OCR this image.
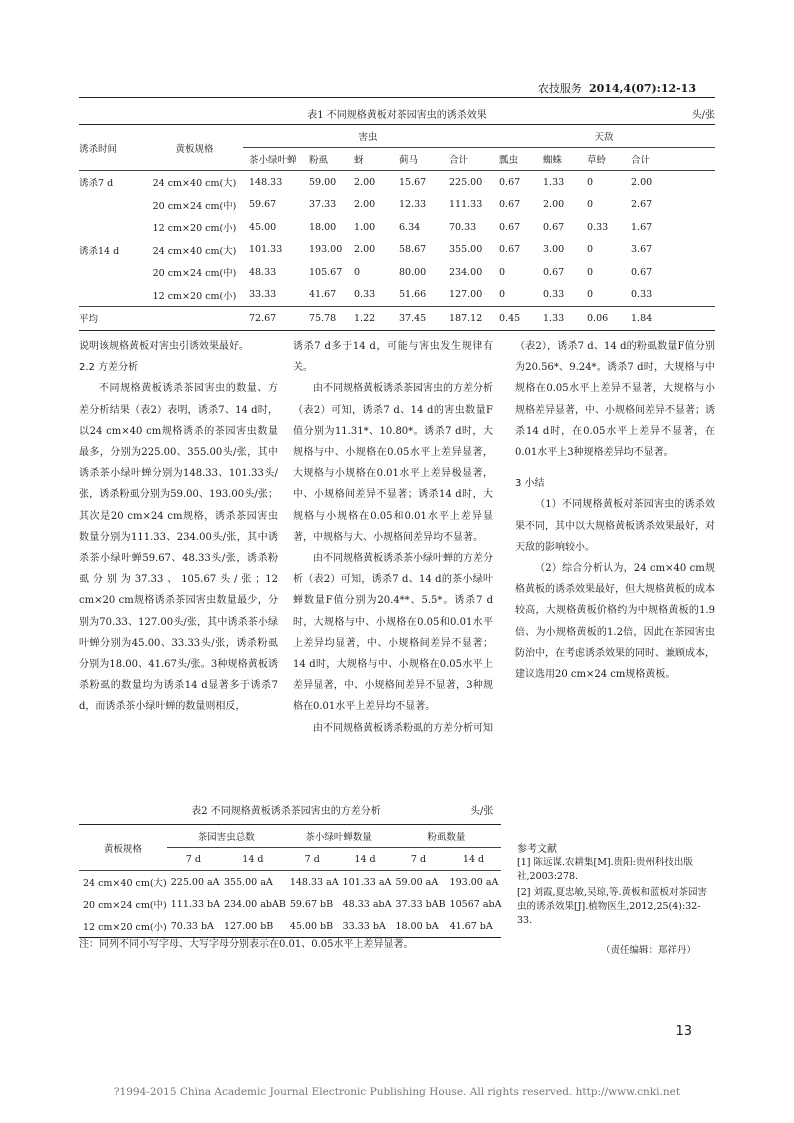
农技服务 2014,4(07):12-13
表1 不同规格黄板对茶园害虫的诱杀效果	头/张
诱杀时间	黄板规格	害虫					天敌			
		茶小绿叶蝉	粉虱	蚜	蓟马	合计	瓢虫	蜘蛛	草蛉	合计
诱杀7 d	24 cm×40 cm(大)	148.33	59.00	2.00	15.67	225.00	0.67	1.33	0	2.00
	20 cm×24 cm(中)	59.67	37.33	2.00	12.33	111.33	0.67	2.00	0	2.67
	12 cm×20 cm(小)	45.00	18.00	1.00	6.34	70.33	0.67	0.67	0.33	1.67
诱杀14 d	24 cm×40 cm(大)	101.33	193.00	2.00	58.67	355.00	0.67	3.00	0	3.67
	20 cm×24 cm(中)	48.33	105.67	0	80.00	234.00	0	0.67	0	0.67
	12 cm×20 cm(小)	33.33	41.67	0.33	51.66	127.00	0	0.33	0	0.33
平均		72.67	75.78	1.22	37.45	187.12	0.45	1.33	0.06	1.84

说明该规格黄板对害虫引诱效果最好。

2.2 方差分析

不同规格黄板诱杀茶园害虫的数量、方差分析结果（表2）表明，诱杀7、14 d时，以24 cm×40 cm规格诱杀的茶园害虫数量最多，分别为225.00、355.00头/张，其中诱杀茶小绿叶蝉分别为148.33、101.33头/张，诱杀粉虱分别为59.00、193.00头/张；其次是20 cm×24 cm规格，诱杀茶园害虫数量分别为111.33、234.00头/张，其中诱杀茶小绿叶蝉59.67、48.33头/张，诱杀粉虱分别为37.33、105.67头/张；12 cm×20 cm规格诱杀茶园害虫数量最少，分别为70.33、127.00头/张，其中诱杀茶小绿叶蝉分别为45.00、33.33头/张，诱杀粉虱分别为18.00、41.67头/张。3种规格黄板诱杀粉虱的数量均为诱杀14 d显著多于诱杀7 d，而诱杀茶小绿叶蝉的数量则相反，

诱杀7 d多于14 d，可能与害虫发生规律有关。

由不同规格黄板诱杀茶园害虫的方差分析（表2）可知，诱杀7 d、14 d的害虫数量F值分别为11.31*、10.80*。诱杀7 d时，大规格与中、小规格在0.05水平上差异显著，大规格与小规格在0.01水平上差异极显著，中、小规格间差异不显著；诱杀14 d时，大规格与小规格在0.05和0.01水平上差异显著，中规格与大、小规格间差异均不显著。

由不同规格黄板诱杀茶小绿叶蝉的方差分析（表2）可知，诱杀7 d、14 d的茶小绿叶蝉数量F值分别为20.4**、5.5*。诱杀7 d时，大规格与中、小规格在0.05和0.01水平上差异均显著，中、小规格间差异不显著；14 d时，大规格与中、小规格在0.05水平上差异显著，中、小规格间差异不显著，3种规格在0.01水平上差异均不显著。

由不同规格黄板诱杀粉虱的方差分析可知

（表2），诱杀7 d、14 d的粉虱数量F值分别为20.56*、9.24*。诱杀7 d时，大规格与中规格在0.05水平上差异不显著，大规格与小规格差异显著，中、小规格间差异不显著；诱杀14 d时，在0.05水平上差异不显著，在0.01水平上3种规格差异均不显著。

3 小结

（1）不同规格黄板对茶园害虫的诱杀效果不同，其中以大规格黄板诱杀效果最好，对天敌的影响较小。

（2）综合分析认为，24 cm×40 cm规格黄板的诱杀效果最好，但大规格黄板的成本较高，大规格黄板价格约为中规格黄板的1.9倍、为小规格黄板的1.2倍，因此在茶园害虫防治中，在考虑诱杀效果的同时、兼顾成本，建议选用20 cm×24 cm规格黄板。

表2 不同规格黄板诱杀茶园害虫的方差分析	头/张
黄板规格	茶园害虫总数		茶小绿叶蝉数量		粉虱数量	
	7 d	14 d	7 d	14 d	7 d	14 d
24 cm×40 cm(大)	225.00 aA	355.00 aA	148.33 aA	101.33 aA	59.00 aA	193.00 aA
20 cm×24 cm(中)	111.33 bA	234.00 abAB	59.67 bB	48.33 abA	37.33 bAB	10567 abA
12 cm×20 cm(小)	70.33 bA	127.00 bB	45.00 bB	33.33 bA	18.00 bA	41.67 bA
注：同列不同小写字母、大写字母分别表示在0.01、0.05水平上差异显著。
参考文献
[1] 陈远谋.农耕集[M].贵阳:贵州科技出版社,2003:278.
[2] 刘霞,夏忠敏,吴琼,等.黄板和蓝板对茶园害虫的诱杀效果[J].植物医生,2012,25(4):32-33.
（责任编辑：郑祥丹）
13
?1994-2015 China Academic Journal Electronic Publishing House. All rights reserved. http://www.cnki.net
